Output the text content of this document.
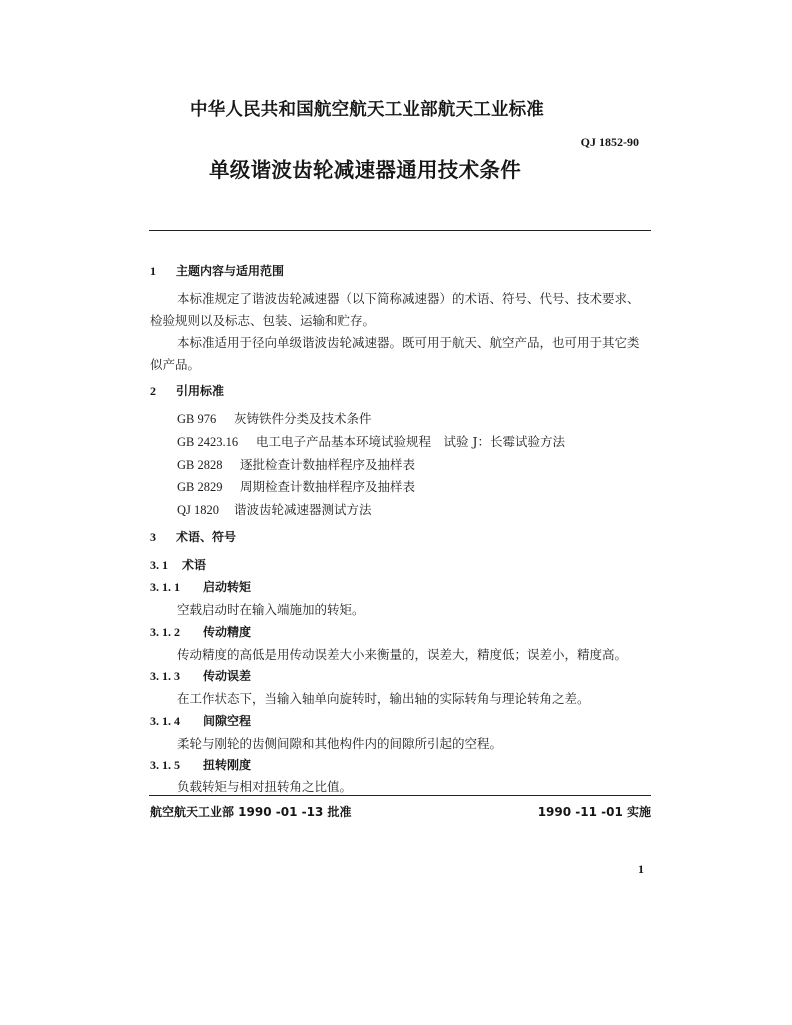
中华人民共和国航空航天工业部航天工业标准
QJ 1852-90
单级谐波齿轮减速器通用技术条件
1 主题内容与适用范围
本标准规定了谐波齿轮减速器（以下简称减速器）的术语、符号、代号、技术要求、
检验规则以及标志、包装、运输和贮存。
本标准适用于径向单级谐波齿轮减速器。既可用于航天、航空产品，也可用于其它类
似产品。
2 引用标准
GB 976 灰铸铁件分类及技术条件
GB 2423.16 电工电子产品基本环境试验规程　试验 J：长霉试验方法
GB 2828 逐批检查计数抽样程序及抽样表
GB 2829 周期检查计数抽样程序及抽样表
QJ 1820 谐波齿轮减速器测试方法
3 术语、符号
3. 1 术语
3. 1. 1 启动转矩
空载启动时在输入端施加的转矩。
3. 1. 2 传动精度
传动精度的高低是用传动误差大小来衡量的，误差大，精度低；误差小，精度高。
3. 1. 3 传动误差
在工作状态下，当输入轴单向旋转时，输出轴的实际转角与理论转角之差。
3. 1. 4 间隙空程
柔轮与刚轮的齿侧间隙和其他构件内的间隙所引起的空程。
3. 1. 5 扭转刚度
负载转矩与相对扭转角之比值。
航空航天工业部 1990 -01 -13 批准	1990 -11 -01 实施
1
